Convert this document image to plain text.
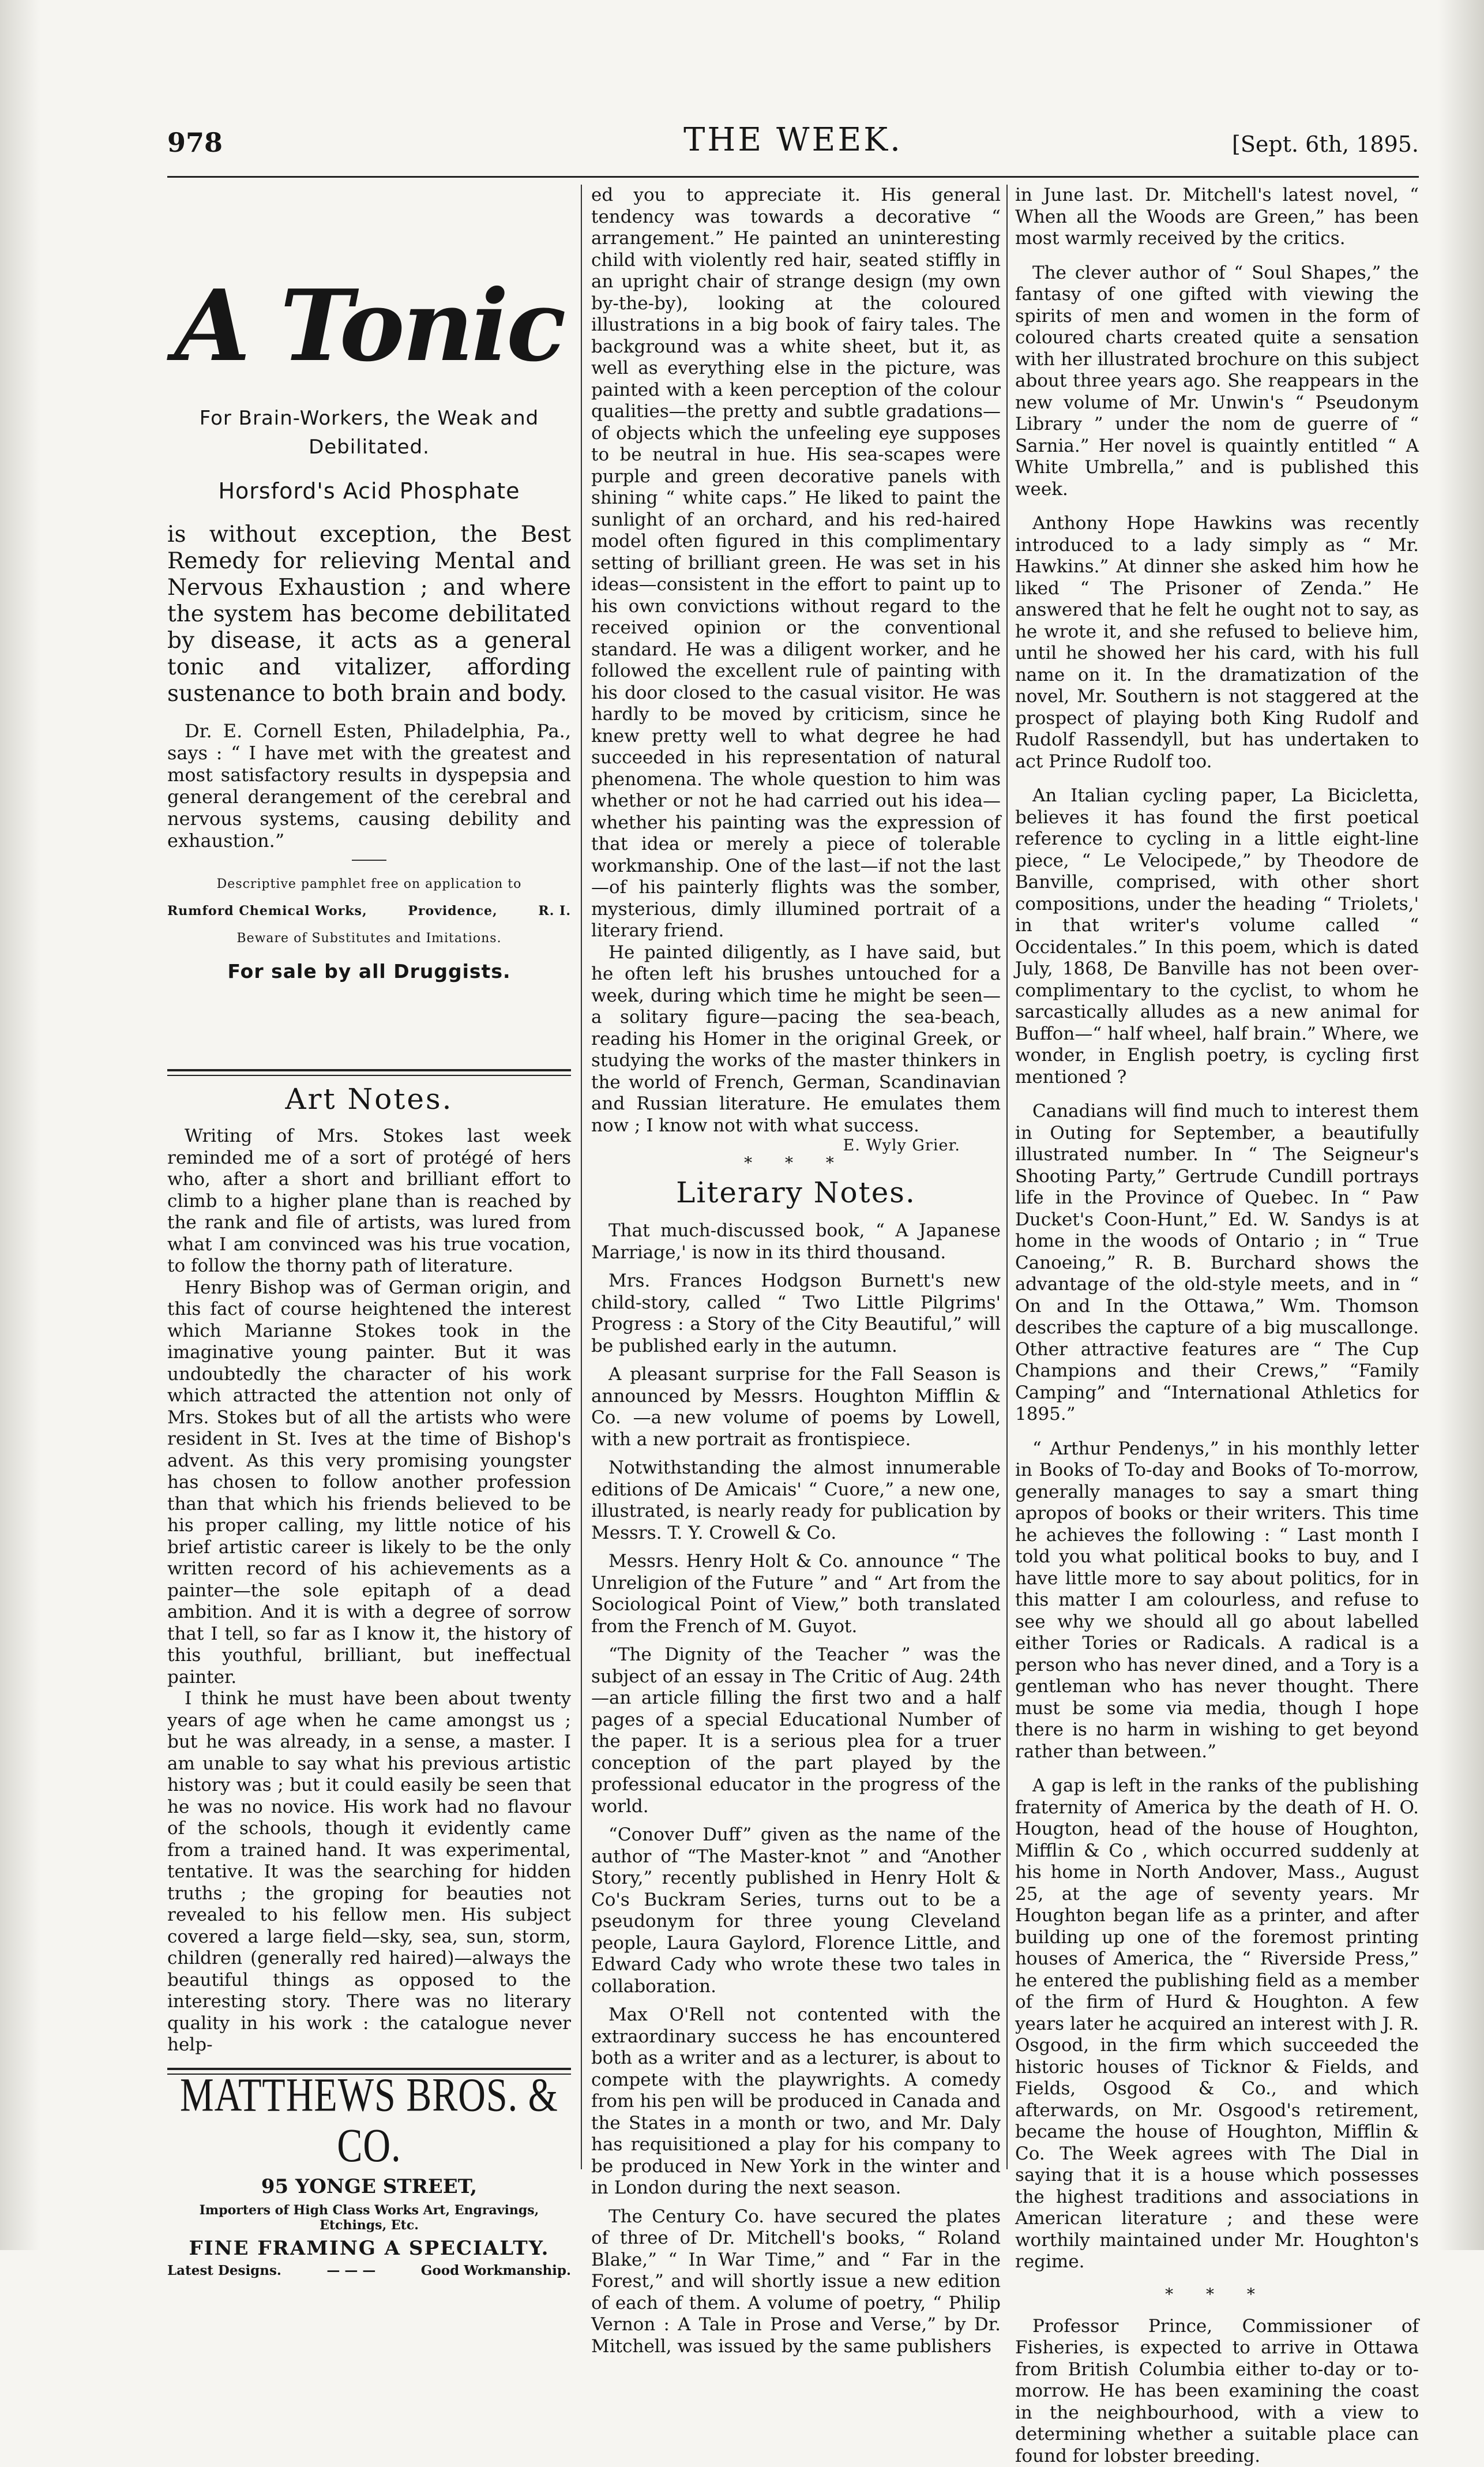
978	THE WEEK.	[Sept. 6th, 1895.
A Tonic
For Brain-Workers, the Weak and Debilitated.
Horsford's Acid Phosphate

is without exception, the Best Remedy for relieving Mental and Nervous Exhaustion ; and where the system has become debilitated by disease, it acts as a general tonic and vitalizer, affording sustenance to both brain and body.

Dr. E. Cornell Esten, Philadelphia, Pa., says : “ I have met with the greatest and most satisfactory results in dyspepsia and general derangement of the cerebral and nervous systems, causing debility and exhaustion.”

Descriptive pamphlet free on application to
Rumford Chemical Works,	Providence,	R. I.
Beware of Substitutes and Imitations.
For sale by all Druggists.
Art Notes.

Writing of Mrs. Stokes last week reminded me of a sort of protégé of hers who, after a short and brilliant effort to climb to a higher plane than is reached by the rank and file of artists, was lured from what I am convinced was his true vocation, to follow the thorny path of literature.

Henry Bishop was of German origin, and this fact of course heightened the interest which Marianne Stokes took in the imaginative young painter. But it was undoubtedly the character of his work which attracted the attention not only of Mrs. Stokes but of all the artists who were resident in St. Ives at the time of Bishop's advent. As this very promising youngster has chosen to follow another profession than that which his friends believed to be his proper calling, my little notice of his brief artistic career is likely to be the only written record of his achievements as a painter—the sole epitaph of a dead ambition. And it is with a degree of sorrow that I tell, so far as I know it, the history of this youthful, brilliant, but ineffectual painter.

I think he must have been about twenty years of age when he came amongst us ; but he was already, in a sense, a master. I am unable to say what his previous artistic history was ; but it could easily be seen that he was no novice. His work had no flavour of the schools, though it evidently came from a trained hand. It was experimental, tentative. It was the searching for hidden truths ; the groping for beauties not revealed to his fellow men. His subject covered a large field—sky, sea, sun, storm, children (generally red haired)—always the beautiful things as opposed to the interesting story. There was no literary quality in his work : the catalogue never help-

MATTHEWS BROS. & CO.
95 YONGE STREET,
Importers of High Class Works Art, Engravings, Etchings, Etc.
FINE FRAMING A SPECIALTY.
Latest Designs.	— — —	Good Workmanship.

ed you to appreciate it. His general tendency was towards a decorative “ arrangement.” He painted an uninteresting child with violently red hair, seated stiffly in an upright chair of strange design (my own by-the-by), looking at the coloured illustrations in a big book of fairy tales. The background was a white sheet, but it, as well as everything else in the picture, was painted with a keen perception of the colour qualities—the pretty and subtle gradations—of objects which the unfeeling eye supposes to be neutral in hue. His sea-scapes were purple and green decorative panels with shining “ white caps.” He liked to paint the sunlight of an orchard, and his red-haired model often figured in this complimentary setting of brilliant green. He was set in his ideas—consistent in the effort to paint up to his own convictions without regard to the received opinion or the conventional standard. He was a diligent worker, and he followed the excellent rule of painting with his door closed to the casual visitor. He was hardly to be moved by criticism, since he knew pretty well to what degree he had succeeded in his representation of natural phenomena. The whole question to him was whether or not he had carried out his idea—whether his painting was the expression of that idea or merely a piece of tolerable workmanship. One of the last—if not the last—of his painterly flights was the somber, mysterious, dimly illumined portrait of a literary friend.

He painted diligently, as I have said, but he often left his brushes untouched for a week, during which time he might be seen—a solitary figure—pacing the sea-beach, reading his Homer in the original Greek, or studying the works of the master thinkers in the world of French, German, Scandinavian and Russian literature. He emulates them now ; I know not with what success.

E. Wyly Grier.
* * *
Literary Notes.

That much-discussed book, “ A Japanese Marriage,' is now in its third thousand.

Mrs. Frances Hodgson Burnett's new child-story, called “ Two Little Pilgrims' Progress : a Story of the City Beautiful,” will be published early in the autumn.

A pleasant surprise for the Fall Season is announced by Messrs. Houghton Mifflin & Co. —a new volume of poems by Lowell, with a new portrait as frontispiece.

Notwithstanding the almost innumerable editions of De Amicais' “ Cuore,” a new one, illustrated, is nearly ready for publication by Messrs. T. Y. Crowell & Co.

Messrs. Henry Holt & Co. announce “ The Unreligion of the Future ” and “ Art from the Sociological Point of View,” both translated from the French of M. Guyot.

“The Dignity of the Teacher ” was the subject of an essay in The Critic of Aug. 24th —an article filling the first two and a half pages of a special Educational Number of the paper. It is a serious plea for a truer conception of the part played by the professional educator in the progress of the world.

“Conover Duff” given as the name of the author of “The Master-knot ” and “Another Story,” recently published in Henry Holt & Co's Buckram Series, turns out to be a pseudonym for three young Cleveland people, Laura Gaylord, Florence Little, and Edward Cady who wrote these two tales in collaboration.

Max O'Rell not contented with the extraordinary success he has encountered both as a writer and as a lecturer, is about to compete with the playwrights. A comedy from his pen will be produced in Canada and the States in a month or two, and Mr. Daly has requisitioned a play for his company to be produced in New York in the winter and in London during the next season.

The Century Co. have secured the plates of three of Dr. Mitchell's books, “ Roland Blake,” “ In War Time,” and “ Far in the Forest,” and will shortly issue a new edition of each of them. A volume of poetry, “ Philip Vernon : A Tale in Prose and Verse,” by Dr. Mitchell, was issued by the same publishers

in June last. Dr. Mitchell's latest novel, “ When all the Woods are Green,” has been most warmly received by the critics.

The clever author of “ Soul Shapes,” the fantasy of one gifted with viewing the spirits of men and women in the form of coloured charts created quite a sensation with her illustrated brochure on this subject about three years ago. She reappears in the new volume of Mr. Unwin's “ Pseudonym Library ” under the nom de guerre of “ Sarnia.” Her novel is quaintly entitled “ A White Umbrella,” and is published this week.

Anthony Hope Hawkins was recently introduced to a lady simply as “ Mr. Hawkins.” At dinner she asked him how he liked “ The Prisoner of Zenda.” He answered that he felt he ought not to say, as he wrote it, and she refused to believe him, until he showed her his card, with his full name on it. In the dramatization of the novel, Mr. Southern is not staggered at the prospect of playing both King Rudolf and Rudolf Rassendyll, but has undertaken to act Prince Rudolf too.

An Italian cycling paper, La Bicicletta, believes it has found the first poetical reference to cycling in a little eight-line piece, “ Le Velocipede,” by Theodore de Banville, comprised, with other short compositions, under the heading “ Triolets,' in that writer's volume called “ Occidentales.” In this poem, which is dated July, 1868, De Banville has not been over-complimentary to the cyclist, to whom he sarcastically alludes as a new animal for Buffon—“ half wheel, half brain.” Where, we wonder, in English poetry, is cycling first mentioned ?

Canadians will find much to interest them in Outing for September, a beautifully illustrated number. In “ The Seigneur's Shooting Party,” Gertrude Cundill portrays life in the Province of Quebec. In “ Paw Ducket's Coon-Hunt,” Ed. W. Sandys is at home in the woods of Ontario ; in “ True Canoeing,” R. B. Burchard shows the advantage of the old-style meets, and in “ On and In the Ottawa,” Wm. Thomson describes the capture of a big muscallonge. Other attractive features are “ The Cup Champions and their Crews,” “Family Camping” and “International Athletics for 1895.”

“ Arthur Pendenys,” in his monthly letter in Books of To-day and Books of To-morrow, generally manages to say a smart thing apropos of books or their writers. This time he achieves the following : “ Last month I told you what political books to buy, and I have little more to say about politics, for in this matter I am colourless, and refuse to see why we should all go about labelled either Tories or Radicals. A radical is a person who has never dined, and a Tory is a gentleman who has never thought. There must be some via media, though I hope there is no harm in wishing to get beyond rather than between.”

A gap is left in the ranks of the publishing fraternity of America by the death of H. O. Hougton, head of the house of Houghton, Mifflin & Co , which occurred suddenly at his home in North Andover, Mass., August 25, at the age of seventy years. Mr Houghton began life as a printer, and after building up one of the foremost printing houses of America, the “ Riverside Press,” he entered the publishing field as a member of the firm of Hurd & Houghton. A few years later he acquired an interest with J. R. Osgood, in the firm which succeeded the historic houses of Ticknor & Fields, and Fields, Osgood & Co., and which afterwards, on Mr. Osgood's retirement, became the house of Houghton, Mifflin & Co. The Week agrees with The Dial in saying that it is a house which possesses the highest traditions and associations in American literature ; and these were worthily maintained under Mr. Houghton's regime.

* * *

Professor Prince, Commissioner of Fisheries, is expected to arrive in Ottawa from British Columbia either to-day or to-morrow. He has been examining the coast in the neighbourhood, with a view to determining whether a suitable place can found for lobster breeding.
